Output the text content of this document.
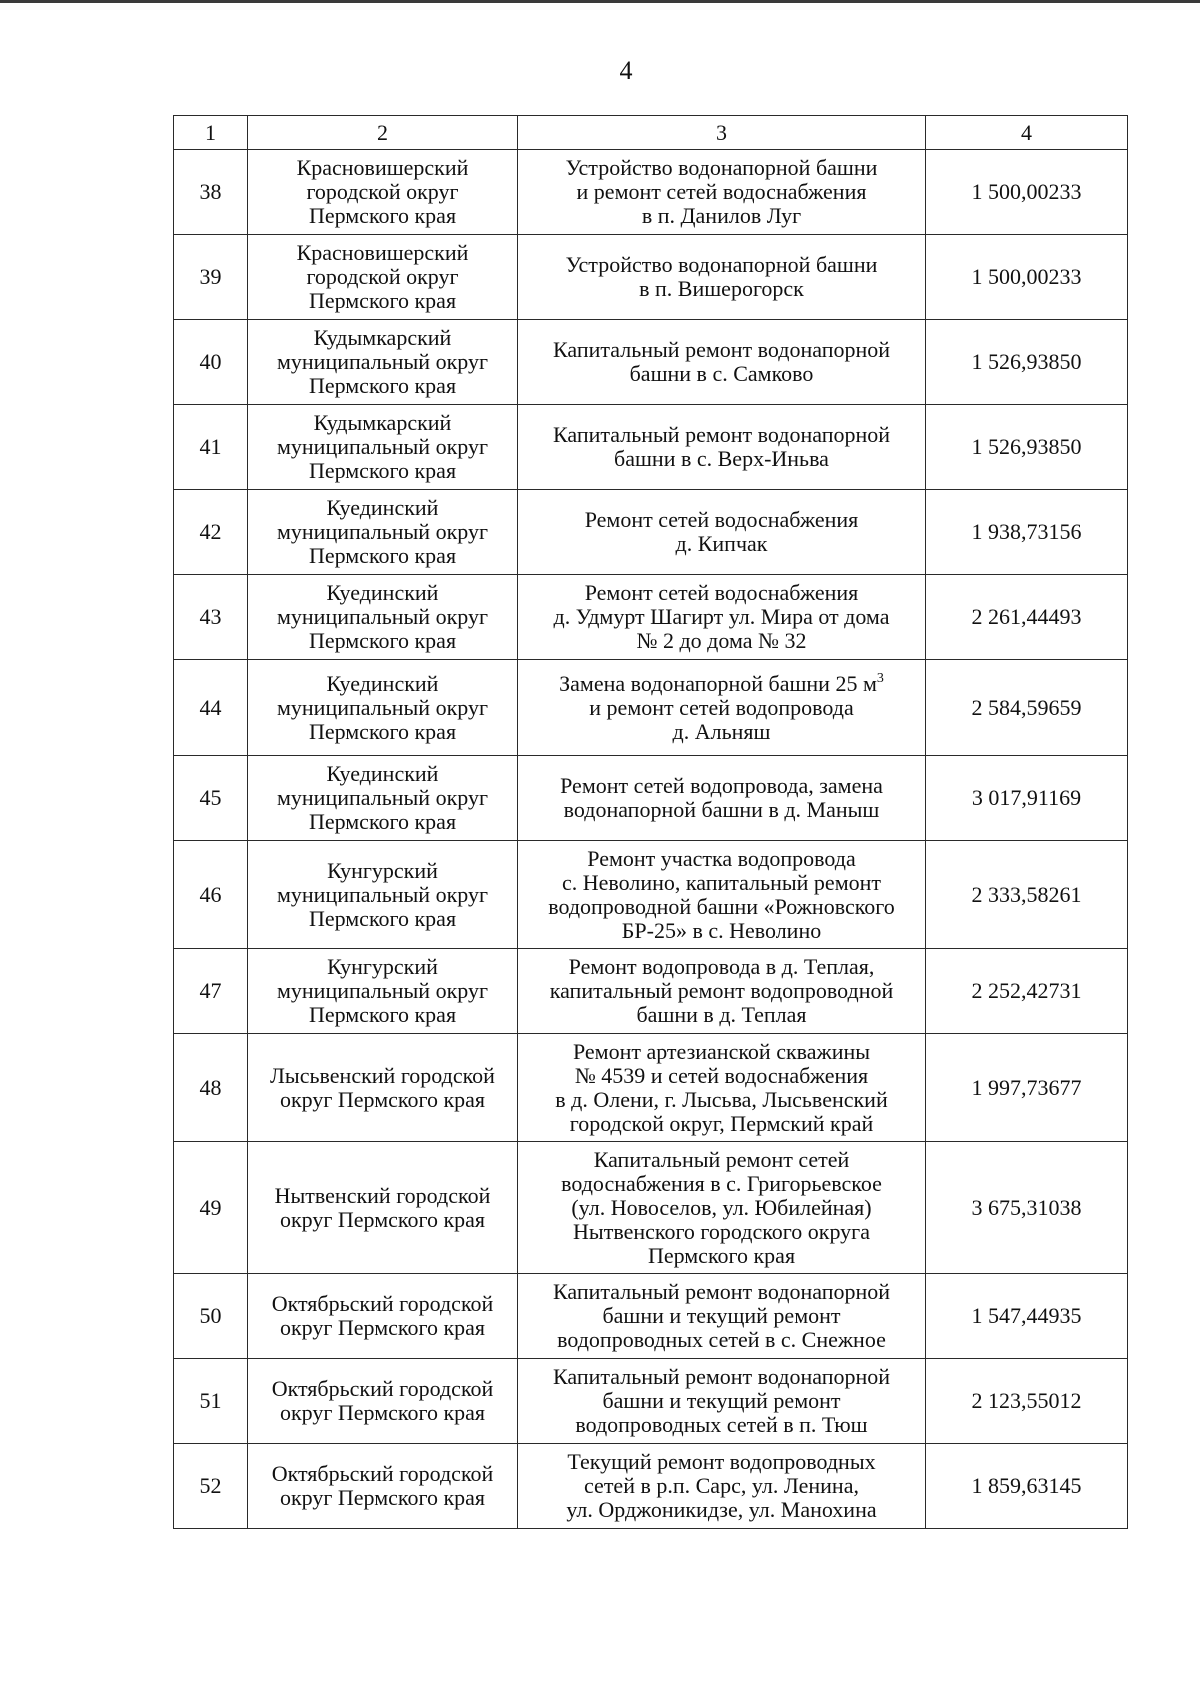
4
1	2	3	4
38	Красновишерский
городской округ
Пермского края	Устройство водонапорной башни
и ремонт сетей водоснабжения
в п. Данилов Луг	1 500,00233
39	Красновишерский
городской округ
Пермского края	Устройство водонапорной башни
в п. Вишерогорск	1 500,00233
40	Кудымкарский
муниципальный округ
Пермского края	Капитальный ремонт водонапорной
башни в с. Самково	1 526,93850
41	Кудымкарский
муниципальный округ
Пермского края	Капитальный ремонт водонапорной
башни в с. Верх-Иньва	1 526,93850
42	Куединский
муниципальный округ
Пермского края	Ремонт сетей водоснабжения
д. Кипчак	1 938,73156
43	Куединский
муниципальный округ
Пермского края	Ремонт сетей водоснабжения
д. Удмурт Шагирт ул. Мира от дома
№ 2 до дома № 32	2 261,44493
44	Куединский
муниципальный округ
Пермского края	Замена водонапорной башни 25 $м^3$
и ремонт сетей водопровода
д. Альняш	2 584,59659
45	Куединский
муниципальный округ
Пермского края	Ремонт сетей водопровода, замена
водонапорной башни в д. Маныш	3 017,91169
46	Кунгурский
муниципальный округ
Пермского края	Ремонт участка водопровода
с. Неволино, капитальный ремонт
водопроводной башни «Рожновского
БР-25» в с. Неволино	2 333,58261
47	Кунгурский
муниципальный округ
Пермского края	Ремонт водопровода в д. Теплая,
капитальный ремонт водопроводной
башни в д. Теплая	2 252,42731
48	Лысьвенский городской
округ Пермского края	Ремонт артезианской скважины
№ 4539 и сетей водоснабжения
в д. Олени, г. Лысьва, Лысьвенский
городской округ, Пермский край	1 997,73677
49	Нытвенский городской
округ Пермского края	Капитальный ремонт сетей
водоснабжения в с. Григорьевское
(ул. Новоселов, ул. Юбилейная)
Нытвенского городского округа
Пермского края	3 675,31038
50	Октябрьский городской
округ Пермского края	Капитальный ремонт водонапорной
башни и текущий ремонт
водопроводных сетей в с. Снежное	1 547,44935
51	Октябрьский городской
округ Пермского края	Капитальный ремонт водонапорной
башни и текущий ремонт
водопроводных сетей в п. Тюш	2 123,55012
52	Октябрьский городской
округ Пермского края	Текущий ремонт водопроводных
сетей в р.п. Сарс, ул. Ленина,
ул. Орджоникидзе, ул. Манохина	1 859,63145
